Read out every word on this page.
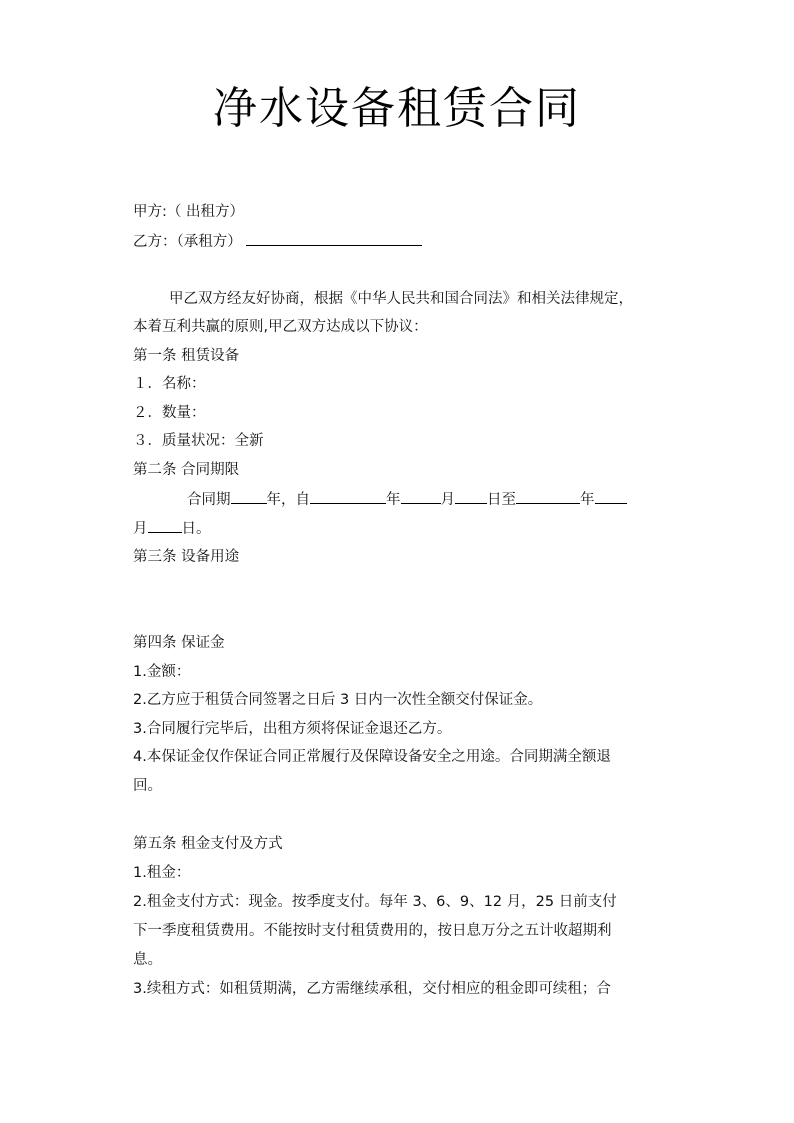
净水设备租赁合同
甲方:（ 出租方）
乙方：（承租方）
甲乙双方经友好协商，根据《中华人民共和国合同法》和相关法律规定，
本着互利共赢的原则,甲乙双方达成以下协议：
第一条 租赁设备
１．名称：
２．数量：
３．质量状况：全新
第二条 合同期限
合同期 年，自	年	月 日至	年
月 日。
第三条 设备用途
第四条 保证金
1.金额：
2.乙方应于租赁合同签署之日后 3 日内一次性全额交付保证金。
3.合同履行完毕后，出租方须将保证金退还乙方。
4.本保证金仅作保证合同正常履行及保障设备安全之用途。合同期满全额退
回。
第五条 租金支付及方式
1.租金：
2.租金支付方式：现金。按季度支付。每年 3、6、9、12 月，25 日前支付
下一季度租赁费用。不能按时支付租赁费用的，按日息万分之五计收超期利
息。
3.续租方式：如租赁期满，乙方需继续承租，交付相应的租金即可续租；合
